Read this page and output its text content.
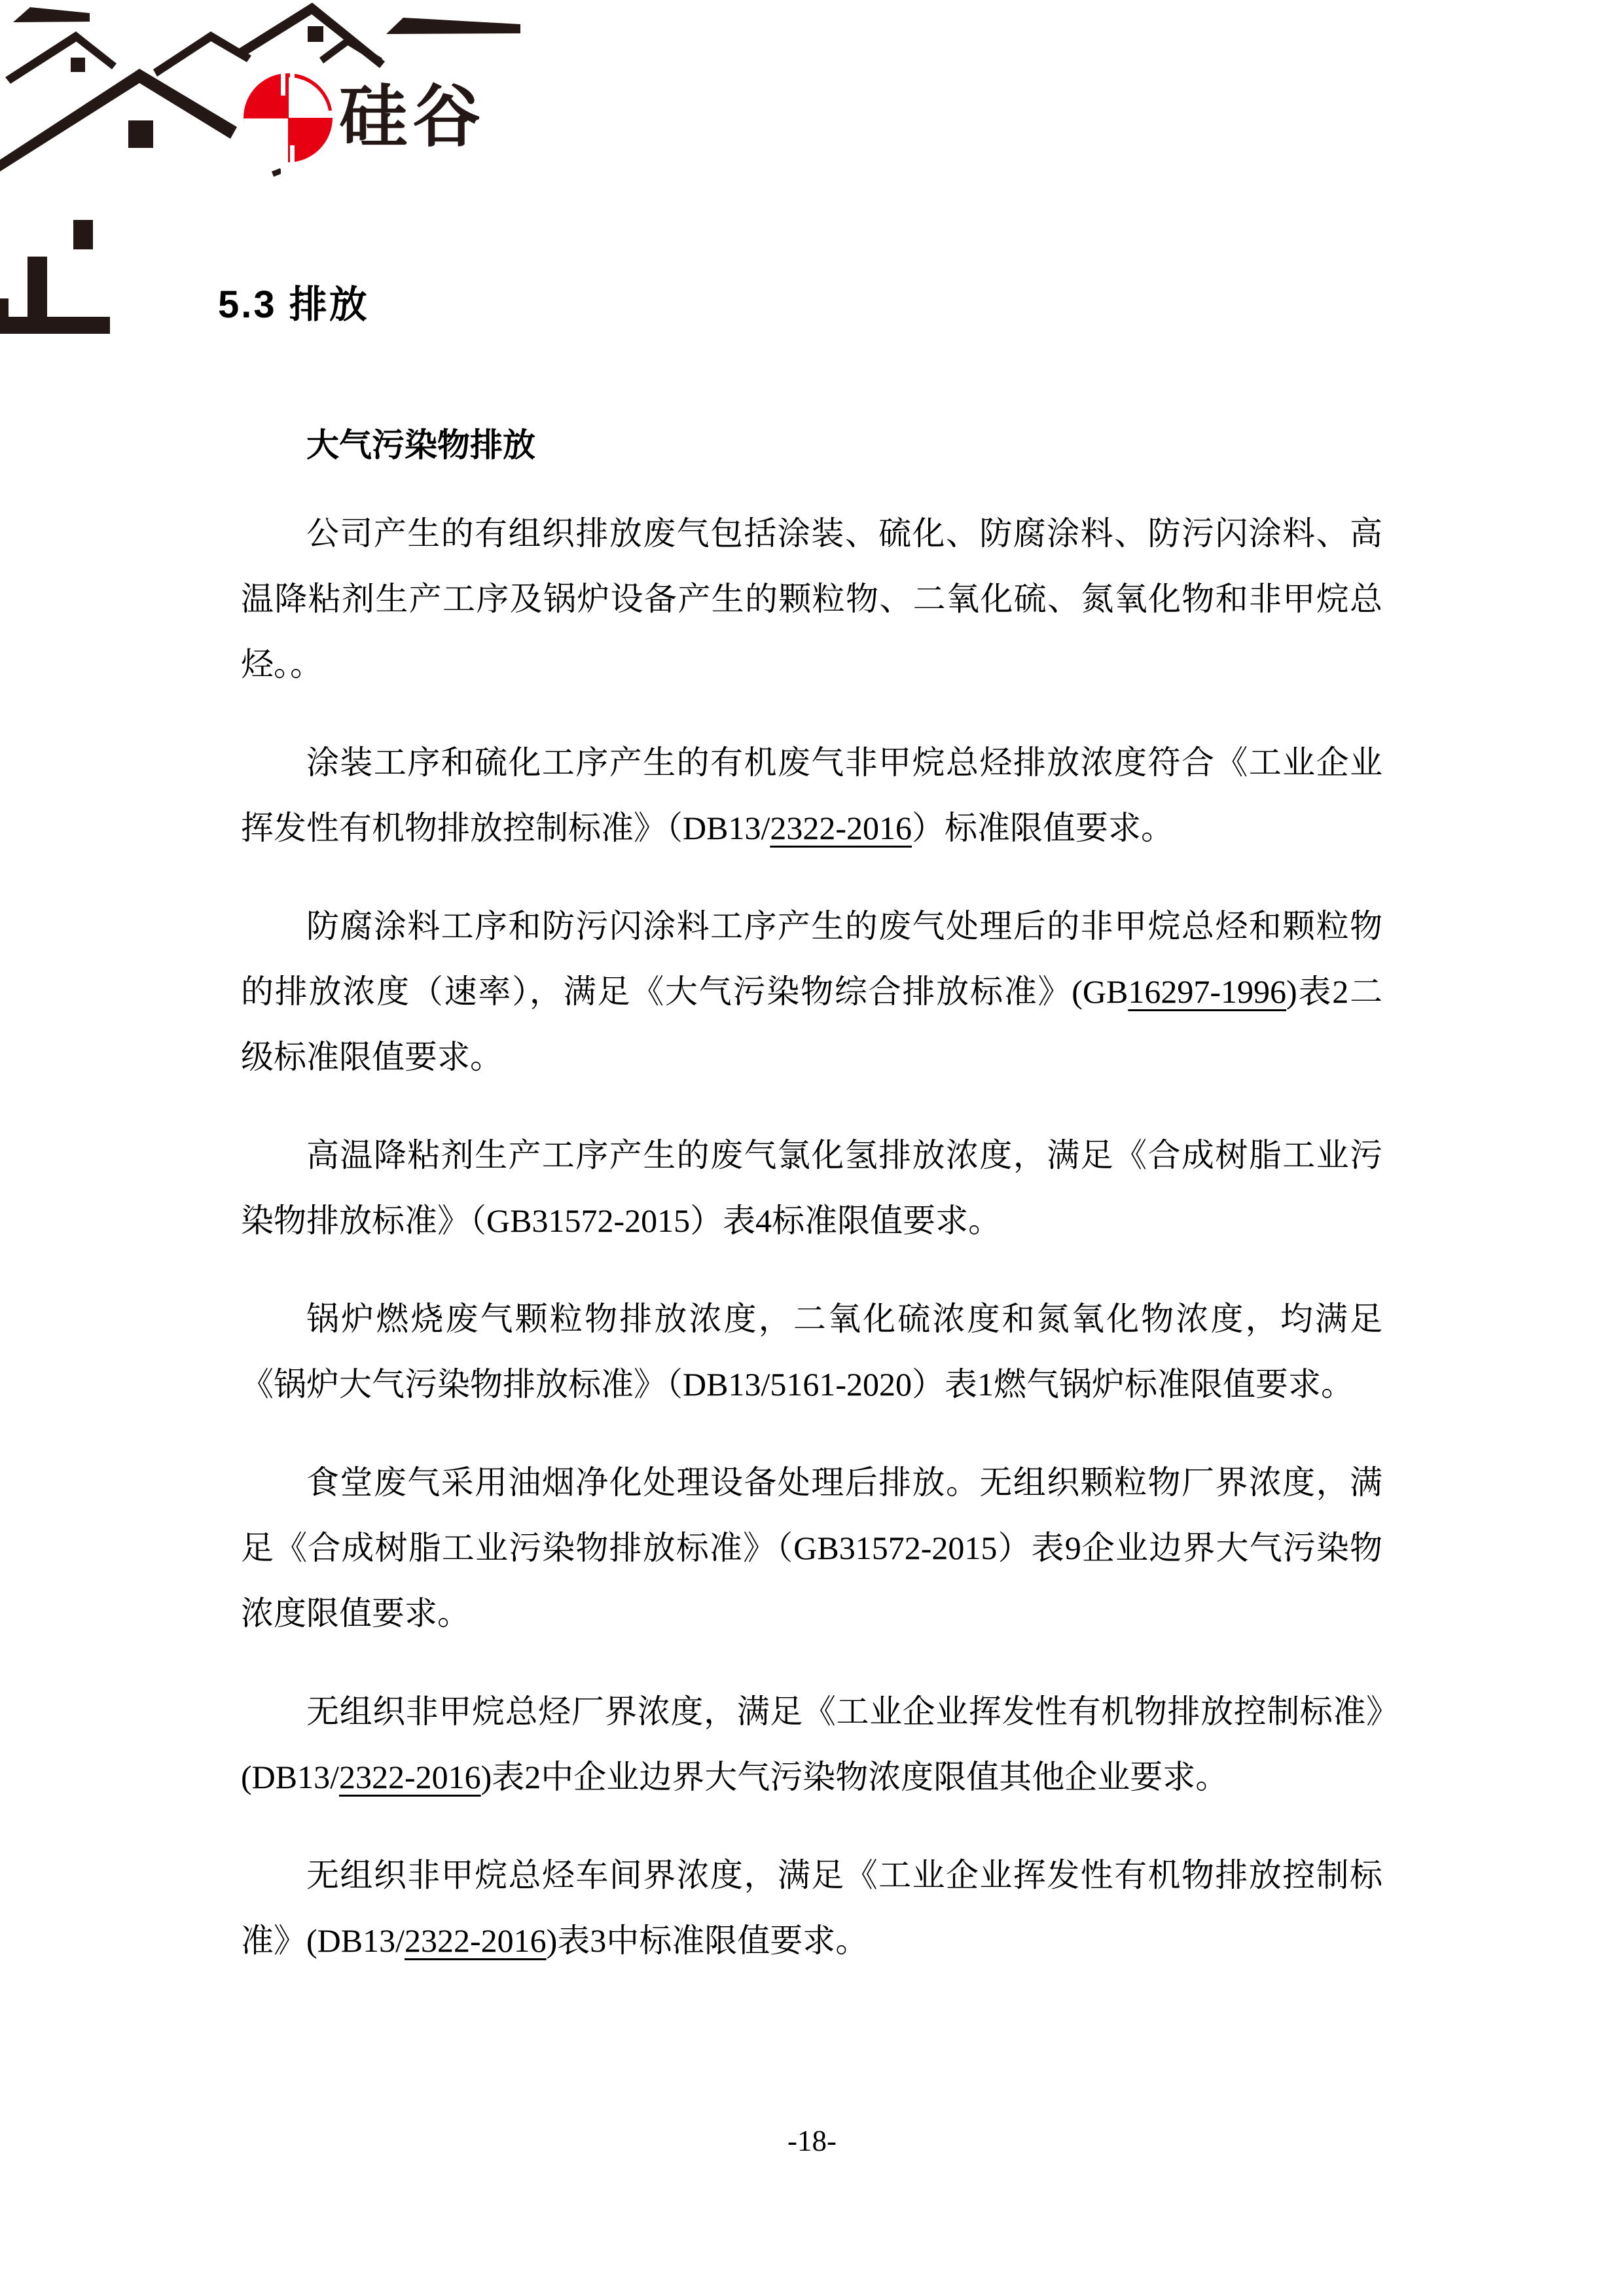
硅谷
5.3 排放

大气污染物排放

公司产生的有组织排放废气包括涂装、硫化、防腐涂料、防污闪涂料、高温降粘剂生产工序及锅炉设备产生的颗粒物、二氧化硫、氮氧化物和非甲烷总烃。。

涂装工序和硫化工序产生的有机废气非甲烷总烃排放浓度符合《工业企业挥发性有机物排放控制标准》（DB13/2322-2016）标准限值要求。

防腐涂料工序和防污闪涂料工序产生的废气处理后的非甲烷总烃和颗粒物的排放浓度（速率），满足《大气污染物综合排放标准》(GB16297-1996)表2二级标准限值要求。

高温降粘剂生产工序产生的废气氯化氢排放浓度，满足《合成树脂工业污染物排放标准》（GB31572-2015）表4标准限值要求。

锅炉燃烧废气颗粒物排放浓度，二氧化硫浓度和氮氧化物浓度，均满足《锅炉大气污染物排放标准》（DB13/5161-2020）表1燃气锅炉标准限值要求。

食堂废气采用油烟净化处理设备处理后排放。无组织颗粒物厂界浓度，满足《合成树脂工业污染物排放标准》（GB31572-2015）表9企业边界大气污染物浓度限值要求。

无组织非甲烷总烃厂界浓度，满足《工业企业挥发性有机物排放控制标准》(DB13/2322-2016)表2中企业边界大气污染物浓度限值其他企业要求。

无组织非甲烷总烃车间界浓度，满足《工业企业挥发性有机物排放控制标准》(DB13/2322-2016)表3中标准限值要求。

-18-
